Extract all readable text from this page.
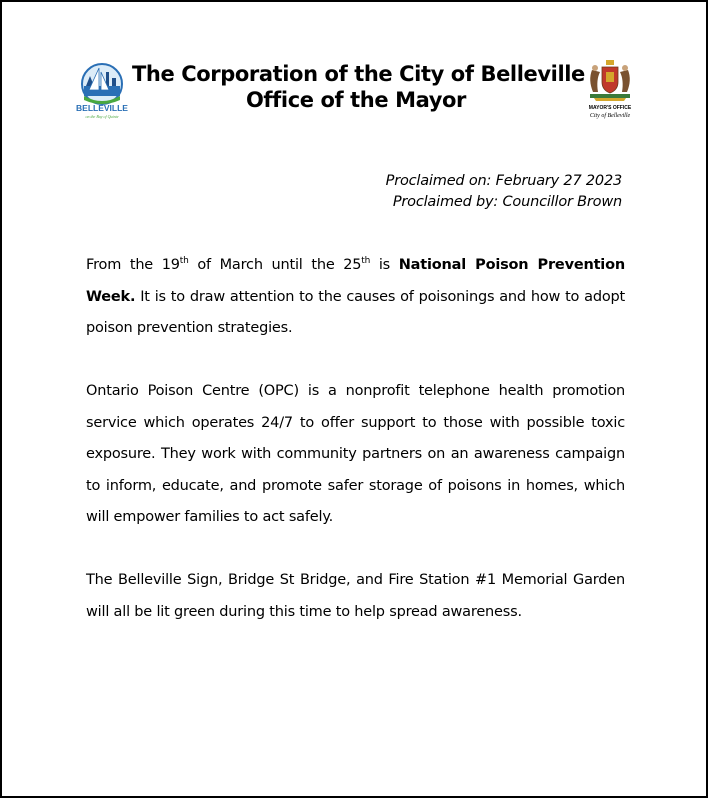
BELLEVILLE
on the Bay of Quinte
The Corporation of the City of Belleville
Office of the Mayor	MAYOR'S OFFICE
City of Belleville
Proclaimed on: February 27 2023
Proclaimed by: Councillor Brown

From the 19th of March until the 25th is National Poison Prevention Week. It is to draw attention to the causes of poisonings and how to adopt poison prevention strategies.

Ontario Poison Centre (OPC) is a nonprofit telephone health promotion service which operates 24/7 to offer support to those with possible toxic exposure. They work with community partners on an awareness campaign to inform, educate, and promote safer storage of poisons in homes, which will empower families to act safely.

The Belleville Sign, Bridge St Bridge, and Fire Station #1 Memorial Garden will all be lit green during this time to help spread awareness.
